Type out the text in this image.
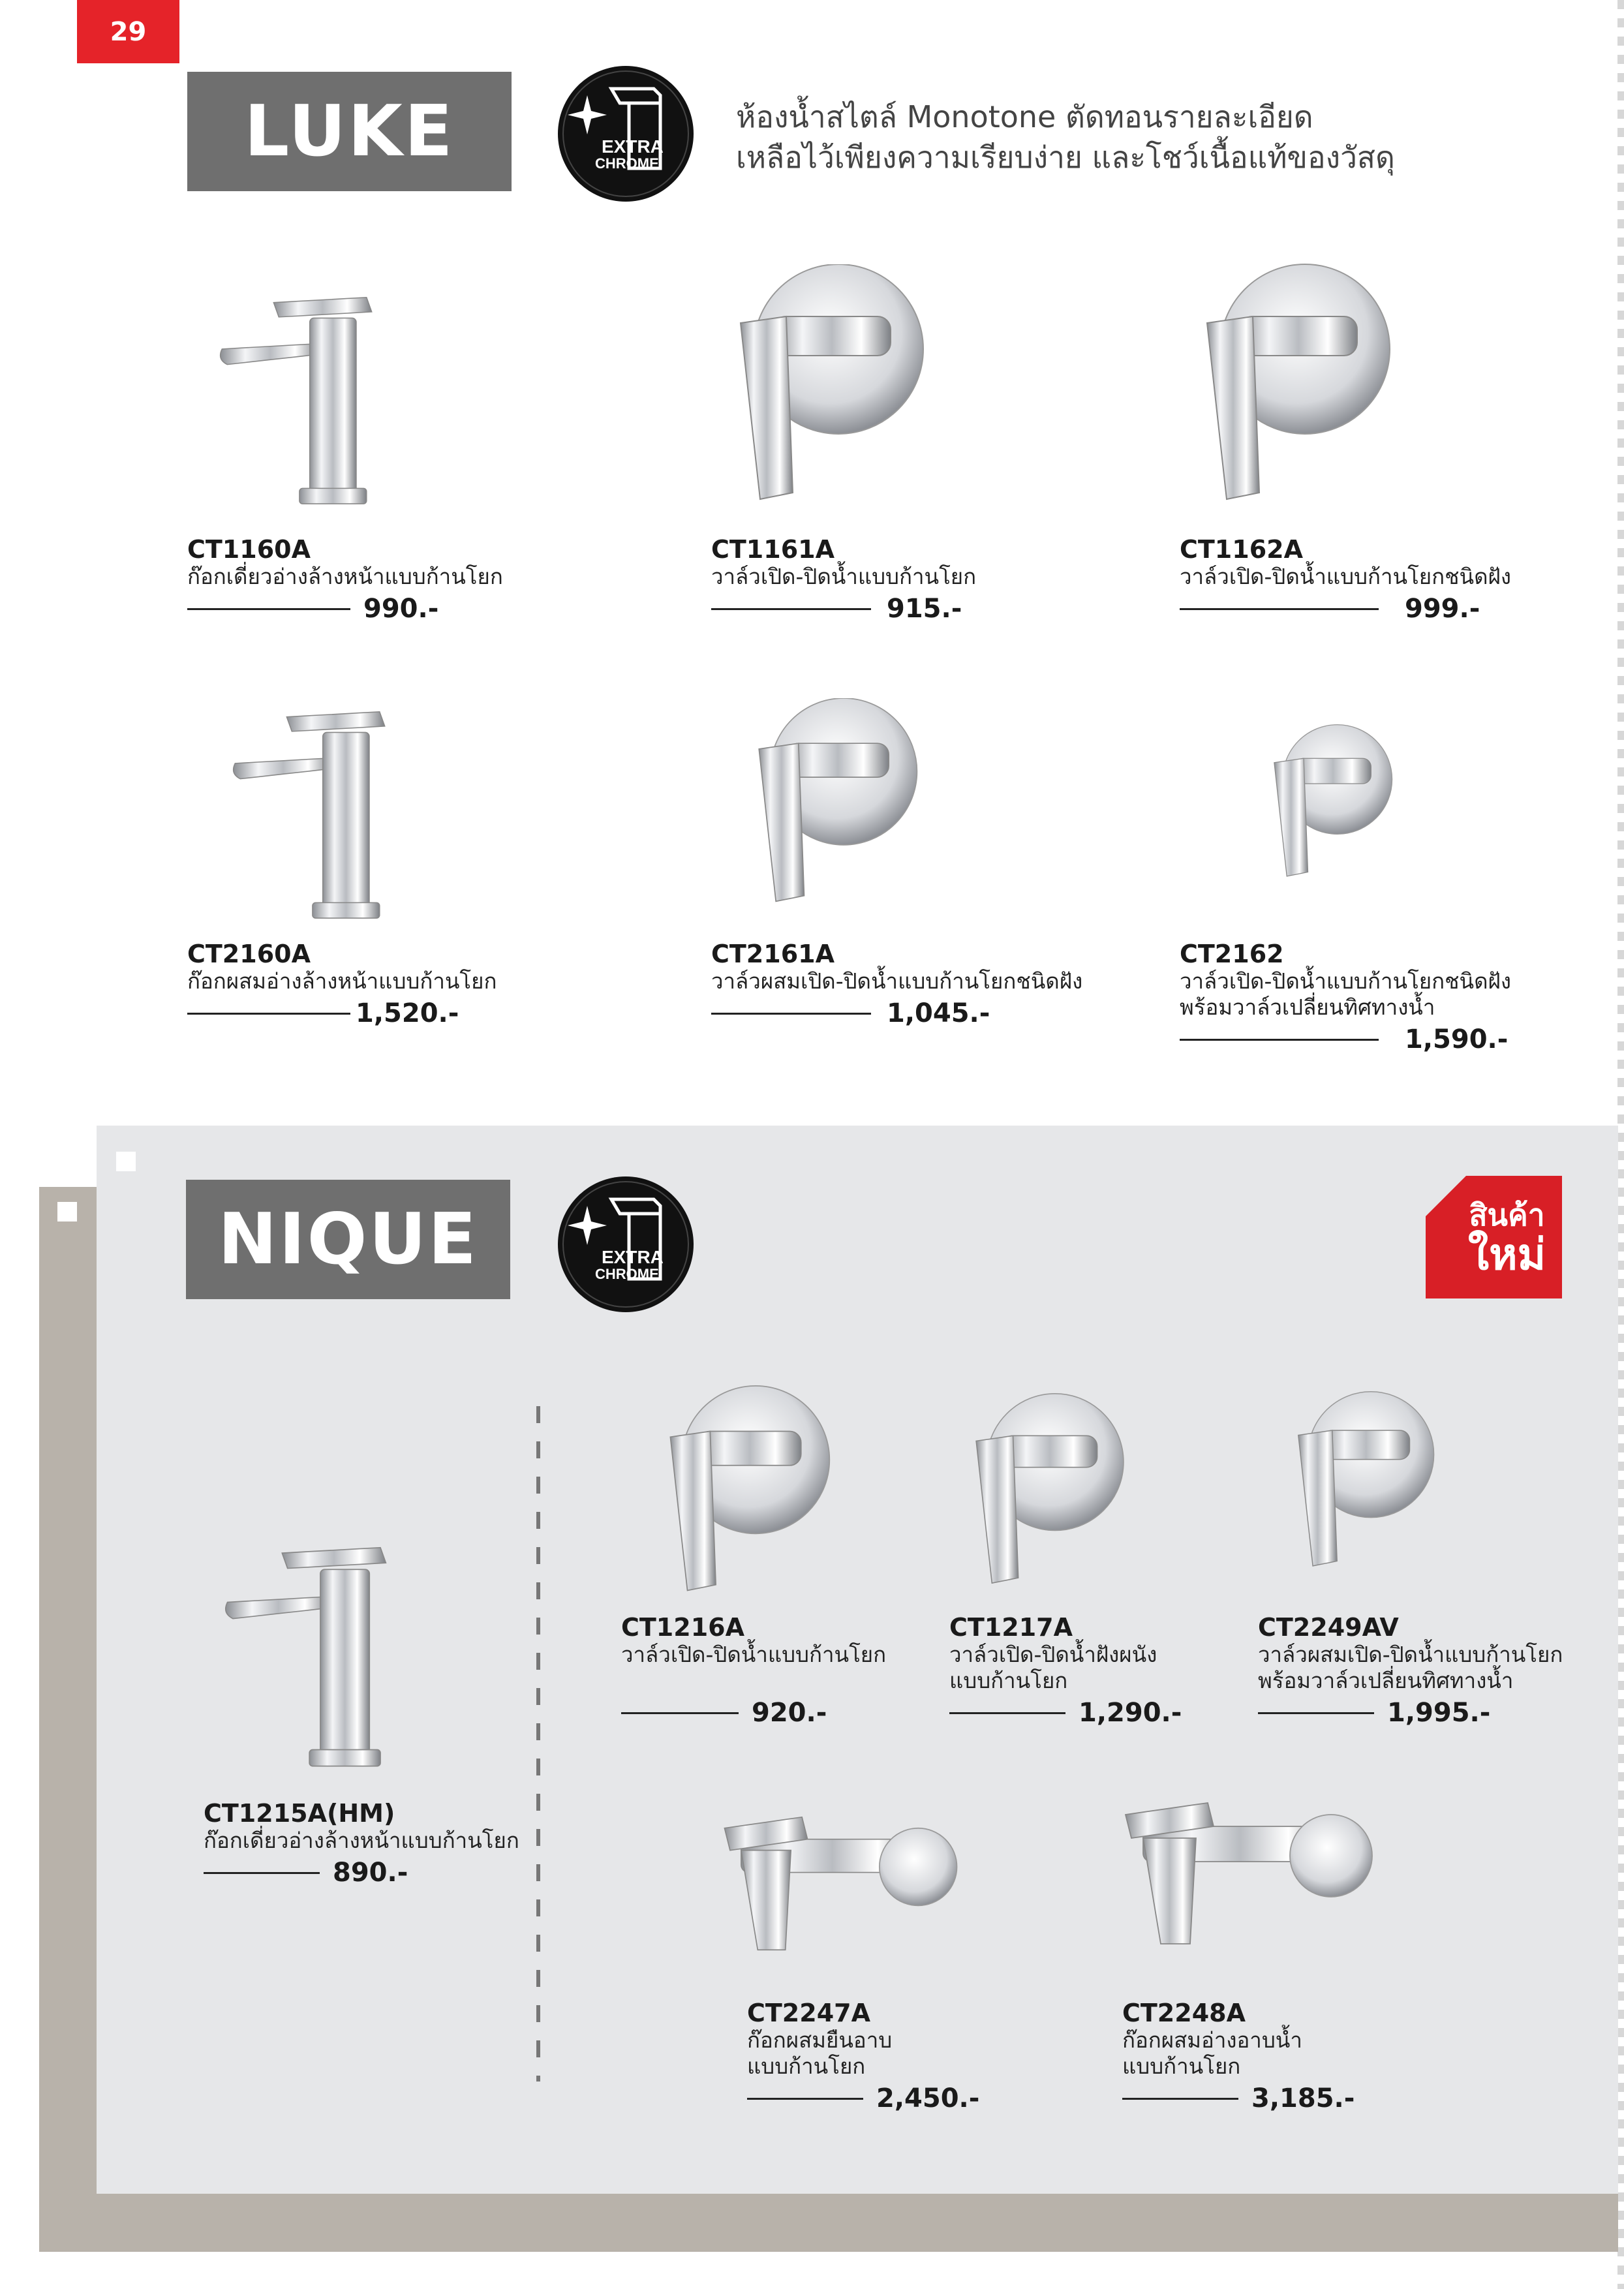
29
LUKE	EXTRA
CHROME
ห้องน้ำสไตล์ Monotone ตัดทอนรายละเอียด
เหลือไว้เพียงความเรียบง่าย และโชว์เนื้อแท้ของวัสดุ
CT1160A
ก๊อกเดี่ยวอ่างล้างหน้าแบบก้านโยก
990.-
CT1161A
วาล์วเปิด-ปิดน้ำแบบก้านโยก
915.-
CT1162A
วาล์วเปิด-ปิดน้ำแบบก้านโยกชนิดฝัง
999.-
CT2160A
ก๊อกผสมอ่างล้างหน้าแบบก้านโยก
1,520.-
CT2161A
วาล์วผสมเปิด-ปิดน้ำแบบก้านโยกชนิดฝัง
1,045.-
CT2162
วาล์วเปิด-ปิดน้ำแบบก้านโยกชนิดฝัง
พร้อมวาล์วเปลี่ยนทิศทางน้ำ
1,590.-
NIQUE	EXTRA
CHROME
สินค้า
ใหม่
CT1215A(HM)
ก๊อกเดี่ยวอ่างล้างหน้าแบบก้านโยก
890.-
CT1216A
วาล์วเปิด-ปิดน้ำแบบก้านโยก
920.-
CT1217A
วาล์วเปิด-ปิดน้ำฝังผนัง
แบบก้านโยก
1,290.-
CT2249AV
วาล์วผสมเปิด-ปิดน้ำแบบก้านโยก
พร้อมวาล์วเปลี่ยนทิศทางน้ำ
1,995.-
CT2247A
ก๊อกผสมยืนอาบ
แบบก้านโยก
2,450.-
CT2248A
ก๊อกผสมอ่างอาบน้ำ
แบบก้านโยก
3,185.-
